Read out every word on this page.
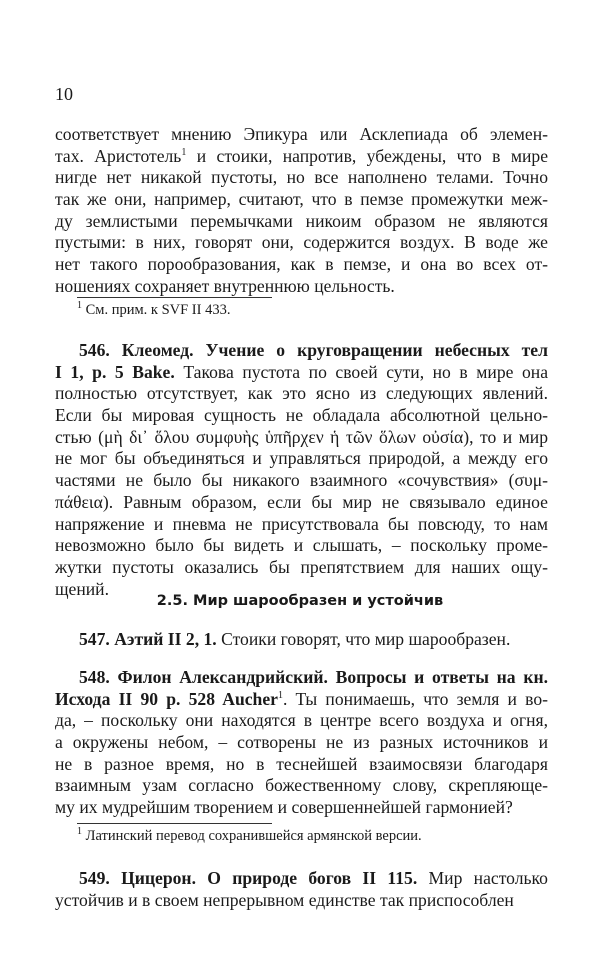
10
соответствует мнению Эпикура или Асклепиада об элемен-
тах. Аристотель$^1$ и стоики, напротив, убеждены, что в мире
нигде нет никакой пустоты, но все наполнено телами. Точно
так же они, например, считают, что в пемзе промежутки меж-
ду землистыми перемычками никоим образом не являются
пустыми: в них, говорят они, содержится воздух. В воде же
нет такого порообразования, как в пемзе, и она во всех от-
ношениях сохраняет внутреннюю цельность.
$^1$ См. прим. к SVF II 433.
546. Клеомед. Учение о круговращении небесных тел
I 1, p. 5 Bake. Такова пустота по своей сути, но в мире она
полностью отсутствует, как это ясно из следующих явлений.
Если бы мировая сущность не обладала абсолютной цельно-
стью (μὴ δι᾽ ὅλου συμφυὴς ὑπῆρχεν ἡ τῶν ὅλων οὐσία), то и мир
не мог бы объединяться и управляться природой, а между его
частями не было бы никакого взаимного «сочувствия» (συμ-
πάθεια). Равным образом, если бы мир не связывало единое
напряжение и пневма не присутствовала бы повсюду, то нам
невозможно было бы видеть и слышать, – поскольку проме-
жутки пустоты оказались бы препятствием для наших ощу-
щений.
2.5. Мир шарообразен и устойчив
547. Аэтий II 2, 1. Стоики говорят, что мир шарообразен.
548. Филон Александрийский. Вопросы и ответы на кн.
Исхода II 90 p. 528 Aucher$^1$. Ты понимаешь, что земля и во-
да, – поскольку они находятся в центре всего воздуха и огня,
а окружены небом, – сотворены не из разных источников и
не в разное время, но в теснейшей взаимосвязи благодаря
взаимным узам согласно божественному слову, скрепляюще-
му их мудрейшим творением и совершеннейшей гармонией?
$^1$ Латинский перевод сохранившейся армянской версии.
549. Цицерон. О природе богов II 115. Мир настолько
устойчив и в своем непрерывном единстве так приспособлен
